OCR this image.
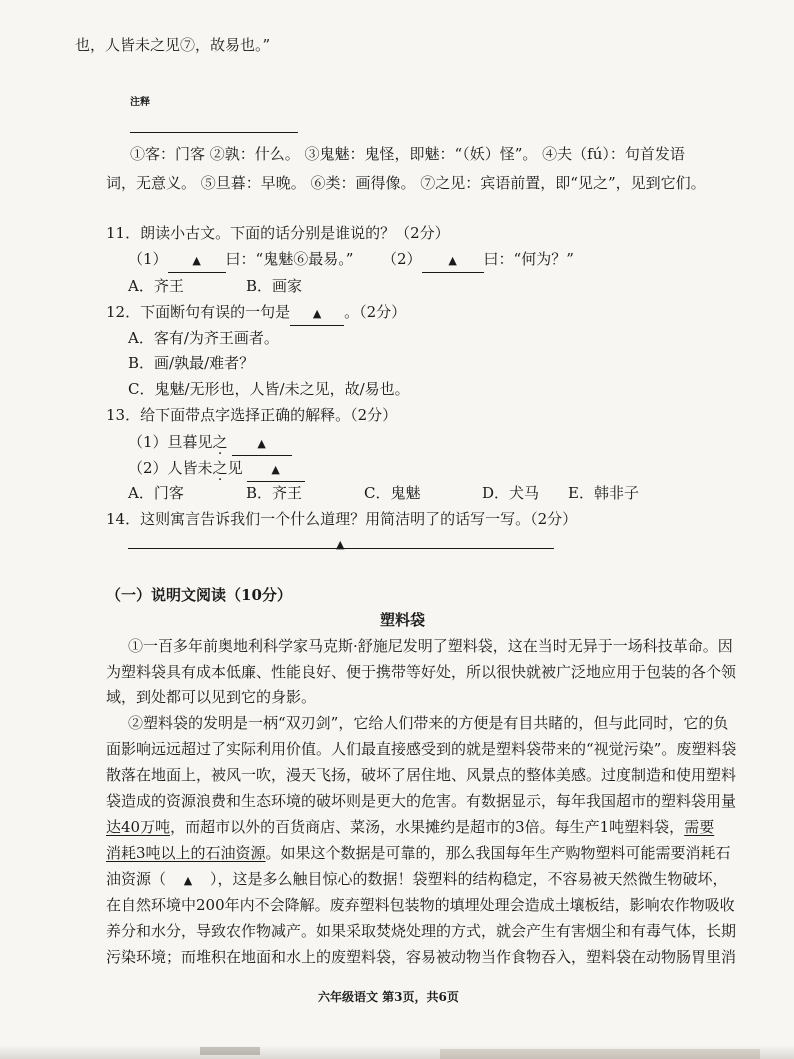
也，人皆未之见⑦，故易也。”
注释
①客：门客 ②孰：什么。 ③鬼魅：鬼怪，即魅：“（妖）怪”。 ④夫（fú）：句首发语
词，无意义。 ⑤旦暮：早晚。 ⑥类：画得像。 ⑦之见：宾语前置，即“见之”，见到它们。
11．朗读小古文。下面的话分别是谁说的？（2分）
（1） ▲ 曰：“鬼魅⑥最易。” （2） ▲ 曰：“何为？”
A．齐王	B．画家
12．下面断句有误的一句是 ▲ 。（2分）
A．客有/为齐王画者。
B．画/孰最/难者？
C．鬼魅/无形也，人皆/未之见，故/易也。
13．给下面带点字选择正确的解释。（2分）
（1）旦暮见之	▲
（2）人皆未之见	▲
A．门客	B．齐王	C．鬼魅	D．犬马 E．韩非子
14．这则寓言告诉我们一个什么道理？用简洁明了的话写一写。（2分）
▲
（一）说明文阅读（10分）
塑料袋
①一百多年前奥地利科学家马克斯·舒施尼发明了塑料袋，这在当时无异于一场科技革命。因
为塑料袋具有成本低廉、性能良好、便于携带等好处，所以很快就被广泛地应用于包装的各个领
域，到处都可以见到它的身影。
②塑料袋的发明是一柄“双刃剑”，它给人们带来的方便是有目共睹的，但与此同时，它的负
面影响远远超过了实际利用价值。人们最直接感受到的就是塑料袋带来的“视觉污染”。废塑料袋
散落在地面上，被风一吹，漫天飞扬，破坏了居住地、风景点的整体美感。过度制造和使用塑料
袋造成的资源浪费和生态环境的破坏则是更大的危害。有数据显示，每年我国超市的塑料袋用量
达40万吨，而超市以外的百货商店、菜汤，水果摊约是超市的3倍。每生产1吨塑料袋，需要
消耗3吨以上的石油资源。如果这个数据是可靠的，那么我国每年生产购物塑料可能需要消耗石
油资源（ ▲ ），这是多么触目惊心的数据！袋塑料的结构稳定，不容易被天然微生物破坏，
在自然环境中200年内不会降解。废弃塑料包装物的填埋处理会造成土壤板结，影响农作物吸收
养分和水分，导致农作物减产。如果采取焚烧处理的方式，就会产生有害烟尘和有毒气体，长期
污染环境；而堆积在地面和水上的废塑料袋，容易被动物当作食物吞入，塑料袋在动物肠胃里消
六年级语文 第3页，共6页
